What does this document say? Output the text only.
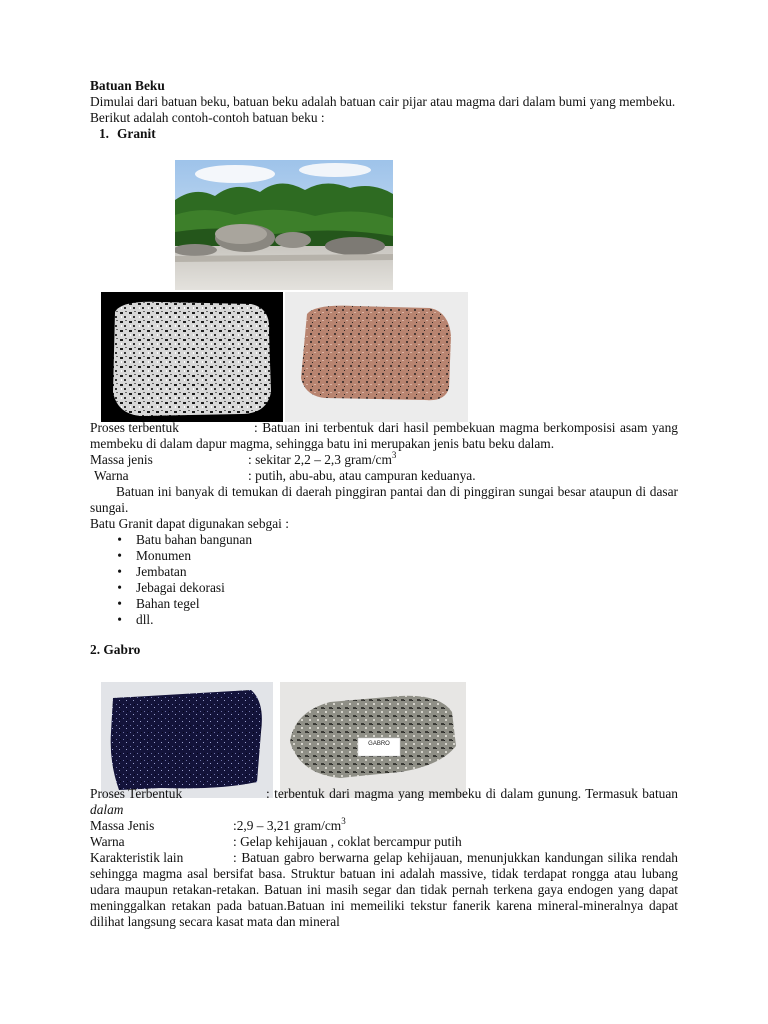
GABRO

Batuan Beku

Dimulai dari batuan beku, batuan beku adalah batuan cair pijar atau magma dari dalam bumi yang membeku.

Berikut adalah contoh-contoh batuan beku :

1. Granit

Proses terbentuk	: Batuan ini terbentuk dari hasil pembekuan magma berkomposisi asam yang membeku di dalam dapur magma, sehingga batu ini merupakan jenis batu beku dalam.

Massa jenis	: sekitar 2,2 – 2,3 gram/$cm^3$
Warna	: putih, abu-abu, atau campuran keduanya.

Batuan ini banyak di temukan di daerah pinggiran pantai dan di pinggiran sungai besar ataupun di dasar sungai.

Batu Granit dapat digunakan sebgai :

•	Batu bahan bangunan
•	Monumen
•	Jembatan
•	Jebagai dekorasi
•	Bahan tegel
•	dll.

2. Gabro

Proses Terbentuk	: terbentuk dari magma yang membeku di dalam gunung. Termasuk batuan dalam

Massa Jenis	:2,9 – 3,21 gram/$cm^3$
Warna	: Gelap kehijauan , coklat bercampur putih

Karakteristik lain	: Batuan gabro berwarna gelap kehijauan, menunjukkan kandungan silika rendah sehingga magma asal bersifat basa. Struktur batuan ini adalah massive, tidak terdapat rongga atau lubang udara maupun retakan-retakan. Batuan ini masih segar dan tidak pernah terkena gaya endogen yang dapat meninggalkan retakan pada batuan.Batuan ini memeiliki tekstur fanerik karena mineral-mineralnya dapat dilihat langsung secara kasat mata dan mineral
